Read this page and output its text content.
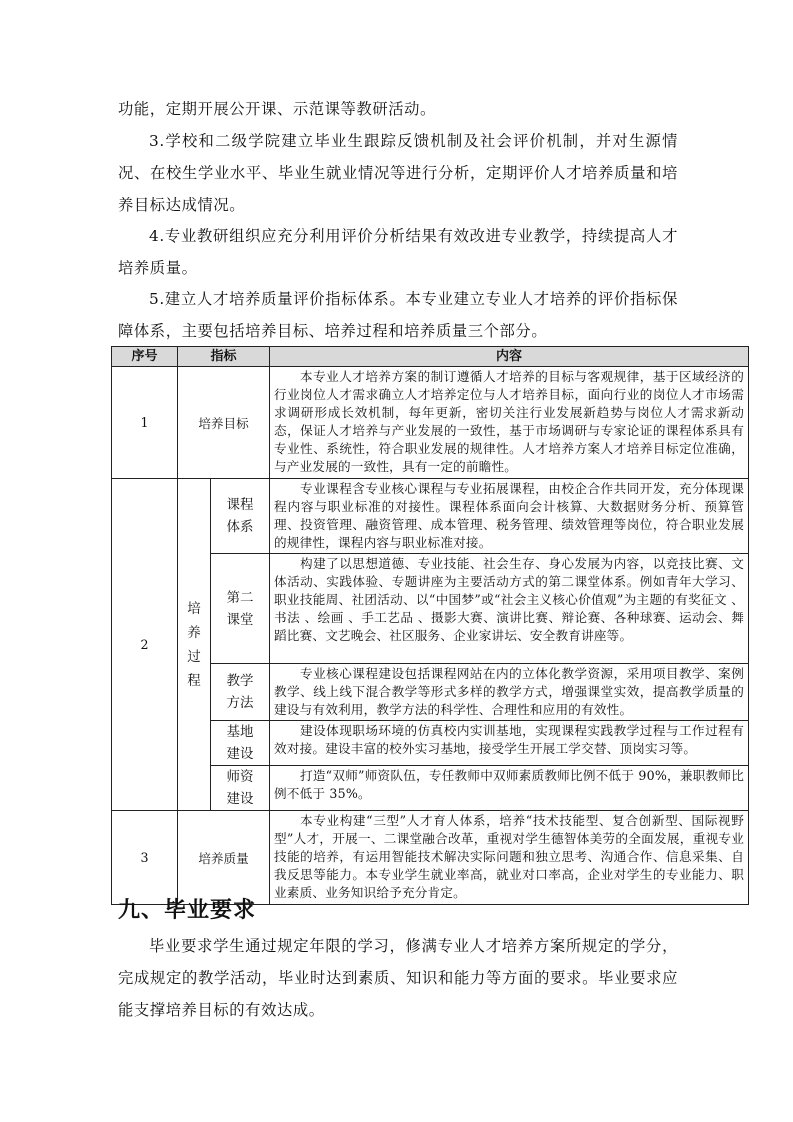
功能，定期开展公开课、示范课等教研活动。

3.学校和二级学院建立毕业生跟踪反馈机制及社会评价机制，并对生源情况、在校生学业水平、毕业生就业情况等进行分析，定期评价人才培养质量和培养目标达成情况。

4.专业教研组织应充分利用评价分析结果有效改进专业教学，持续提高人才培养质量。

5.建立人才培养质量评价指标体系。本专业建立专业人才培养的评价指标保障体系，主要包括培养目标、培养过程和培养质量三个部分。

序号	指标		内容
1	培养目标		本专业人才培养方案的制订遵循人才培养的目标与客观规律，基于区域经济的行业岗位人才需求确立人才培养定位与人才培养目标，面向行业的岗位人才市场需求调研形成长效机制，每年更新，密切关注行业发展新趋势与岗位人才需求新动态，保证人才培养与产业发展的一致性，基于市场调研与专家论证的课程体系具有专业性、系统性，符合职业发展的规律性。人才培养方案人才培养目标定位准确，与产业发展的一致性，具有一定的前瞻性。
2	培养过程	课程体系	专业课程含专业核心课程与专业拓展课程，由校企合作共同开发，充分体现课程内容与职业标准的对接性。课程体系面向会计核算、大数据财务分析、预算管理、投资管理、融资管理、成本管理、税务管理、绩效管理等岗位，符合职业发展的规律性，课程内容与职业标准对接。
		第二课堂	构建了以思想道德、专业技能、社会生存、身心发展为内容，以竞技比赛、文体活动、实践体验、专题讲座为主要活动方式的第二课堂体系。例如青年大学习、职业技能周、社团活动、以“中国梦”或“社会主义核心价值观”为主题的有奖征文 、书法 、绘画 、手工艺品 、摄影大赛、演讲比赛、辩论赛、各种球赛、运动会、舞蹈比赛、文艺晚会、社区服务、企业家讲坛、安全教育讲座等。
		教学方法	专业核心课程建设包括课程网站在内的立体化教学资源，采用项目教学、案例教学、线上线下混合教学等形式多样的教学方式，增强课堂实效，提高教学质量的建设与有效利用，教学方法的科学性、合理性和应用的有效性。
		基地建设	建设体现职场环境的仿真校内实训基地，实现课程实践教学过程与工作过程有效对接。建设丰富的校外实习基地，接受学生开展工学交替、顶岗实习等。
		师资建设	打造“双师”师资队伍，专任教师中双师素质教师比例不低于 90%，兼职教师比例不低于 35%。
3	培养质量		本专业构建“三型”人才育人体系，培养“技术技能型、复合创新型、国际视野型”人才，开展一、二课堂融合改革，重视对学生德智体美劳的全面发展，重视专业技能的培养，有运用智能技术解决实际问题和独立思考、沟通合作、信息采集、自我反思等能力。本专业学生就业率高，就业对口率高，企业对学生的专业能力、职业素质、业务知识给予充分肯定。
九、毕业要求

毕业要求学生通过规定年限的学习，修满专业人才培养方案所规定的学分，完成规定的教学活动，毕业时达到素质、知识和能力等方面的要求。毕业要求应能支撑培养目标的有效达成。
